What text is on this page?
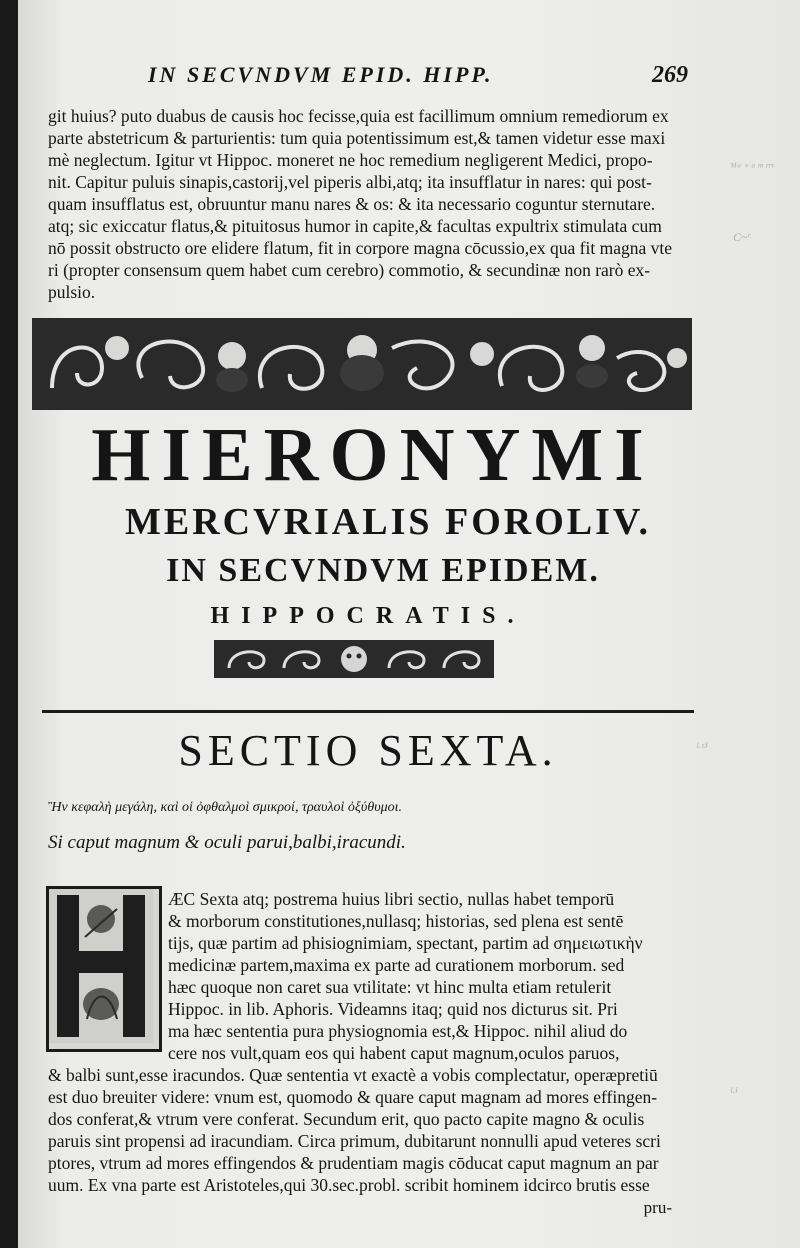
ᴹᵃ ᵛ ᵘ ᵐ ʳʳˢ
C~ʳ
ᴸᶻ³
ᴸᴵ
IN SECVNDVM EPID. HIPP.	269
git huius? puto duabus de causis hoc fecisse,quia est facillimum omnium remediorum ex
parte abstetricum & parturientis: tum quia potentissimum est,& tamen videtur esse maxi
mè neglectum. Igitur vt Hippoc. moneret ne hoc remedium negligerent Medici, propo-
nit. Capitur puluis sinapis,castorij,vel piperis albi,atq; ita insufflatur in nares: qui post-
quam insufflatus est, obruuntur manu nares & os: & ita necessario coguntur sternutare.
atq; sic exiccatur flatus,& pituitosus humor in capite,& facultas expultrix stimulata cum
nō possit obstructo ore elidere flatum, fit in corpore magna cōcussio,ex qua fit magna vte
ri (propter consensum quem habet cum cerebro) commotio, & secundinæ non rarò ex-
pulsio.
HIERONYMI
MERCVRIALIS FOROLIV.
IN SECVNDVM EPIDEM.
HIPPOCRATIS.
SECTIO SEXTA.
Ἢν κεφαλὴ μεγάλη, καὶ οἱ ὀφθαλμοὶ σμικροί, τραυλοὶ ὀξύθυμοι.
Si caput magnum & oculi parui,balbi,iracundi.
ÆC Sexta atq; postrema huius libri sectio, nullas habet temporū
& morborum constitutiones,nullasq; historias, sed plena est sentē
tijs, quæ partim ad phisiognimiam, spectant, partim ad σημειωτικὴν
medicinæ partem,maxima ex parte ad curationem morborum. sed
hæc quoque non caret sua vtilitate: vt hinc multa etiam retulerit
Hippoc. in lib. Aphoris. Videamns itaq; quid nos dicturus sit. Pri
ma hæc sententia pura physiognomia est,& Hippoc. nihil aliud do
cere nos vult,quam eos qui habent caput magnum,oculos paruos,
& balbi sunt,esse iracundos. Quæ sententia vt exactè a vobis complectatur, operæpretiū
est duo breuiter videre: vnum est, quomodo & quare caput magnam ad mores effingen-
dos conferat,& vtrum vere conferat. Secundum erit, quo pacto capite magno & oculis
paruis sint propensi ad iracundiam. Circa primum, dubitarunt nonnulli apud veteres scri
ptores, vtrum ad mores effingendos & prudentiam magis cōducat caput magnum an par
uum. Ex vna parte est Aristoteles,qui 30.sec.probl. scribit hominem idcirco brutis esse
pru-
